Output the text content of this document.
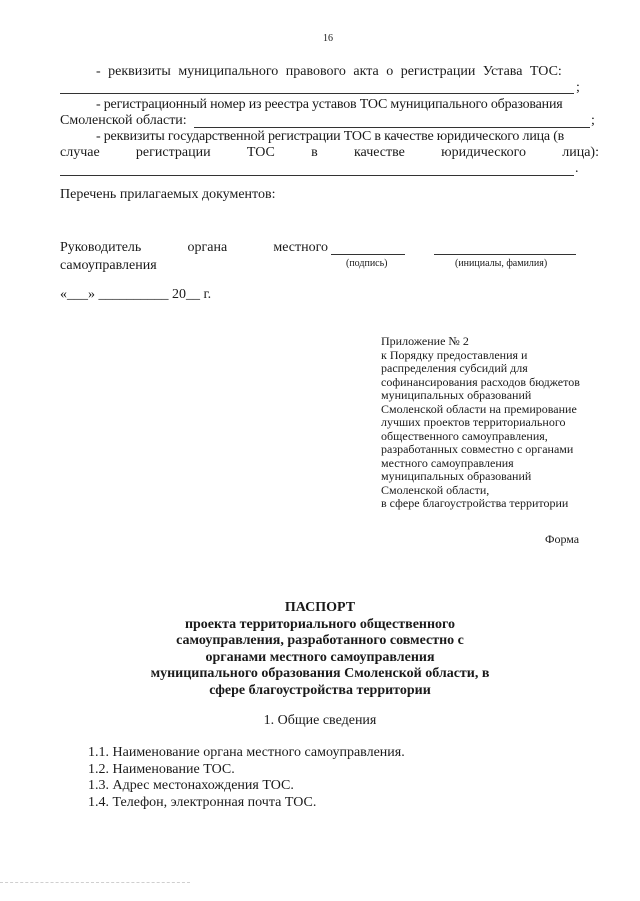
16
- реквизиты муниципального правового акта о регистрации Устава ТОС:
;
- регистрационный номер из реестра уставов ТОС муниципального образования
Смоленской области:	;
- реквизиты государственной регистрации ТОС в качестве юридического лица (в
случае	регистрации	ТОС	в	качестве	юридического	лица):
.
Перечень прилагаемых документов:
Руководитель	органа	местного
самоуправления	(подпись)	(инициалы, фамилия)
«___» __________ 20__ г.
Приложение № 2
к Порядку предоставления и
распределения субсидий для
софинансирования расходов бюджетов
муниципальных образований
Смоленской области на премирование
лучших проектов территориального
общественного самоуправления,
разработанных совместно с органами
местного самоуправления
муниципальных образований
Смоленской области,
в сфере благоустройства территории
Форма
ПАСПОРТ
проекта территориального общественного
самоуправления, разработанного совместно с
органами местного самоуправления
муниципального образования Смоленской области, в
сфере благоустройства территории
1. Общие сведения
1.1. Наименование органа местного самоуправления.
1.2. Наименование ТОС.
1.3. Адрес местонахождения ТОС.
1.4. Телефон, электронная почта ТОС.
